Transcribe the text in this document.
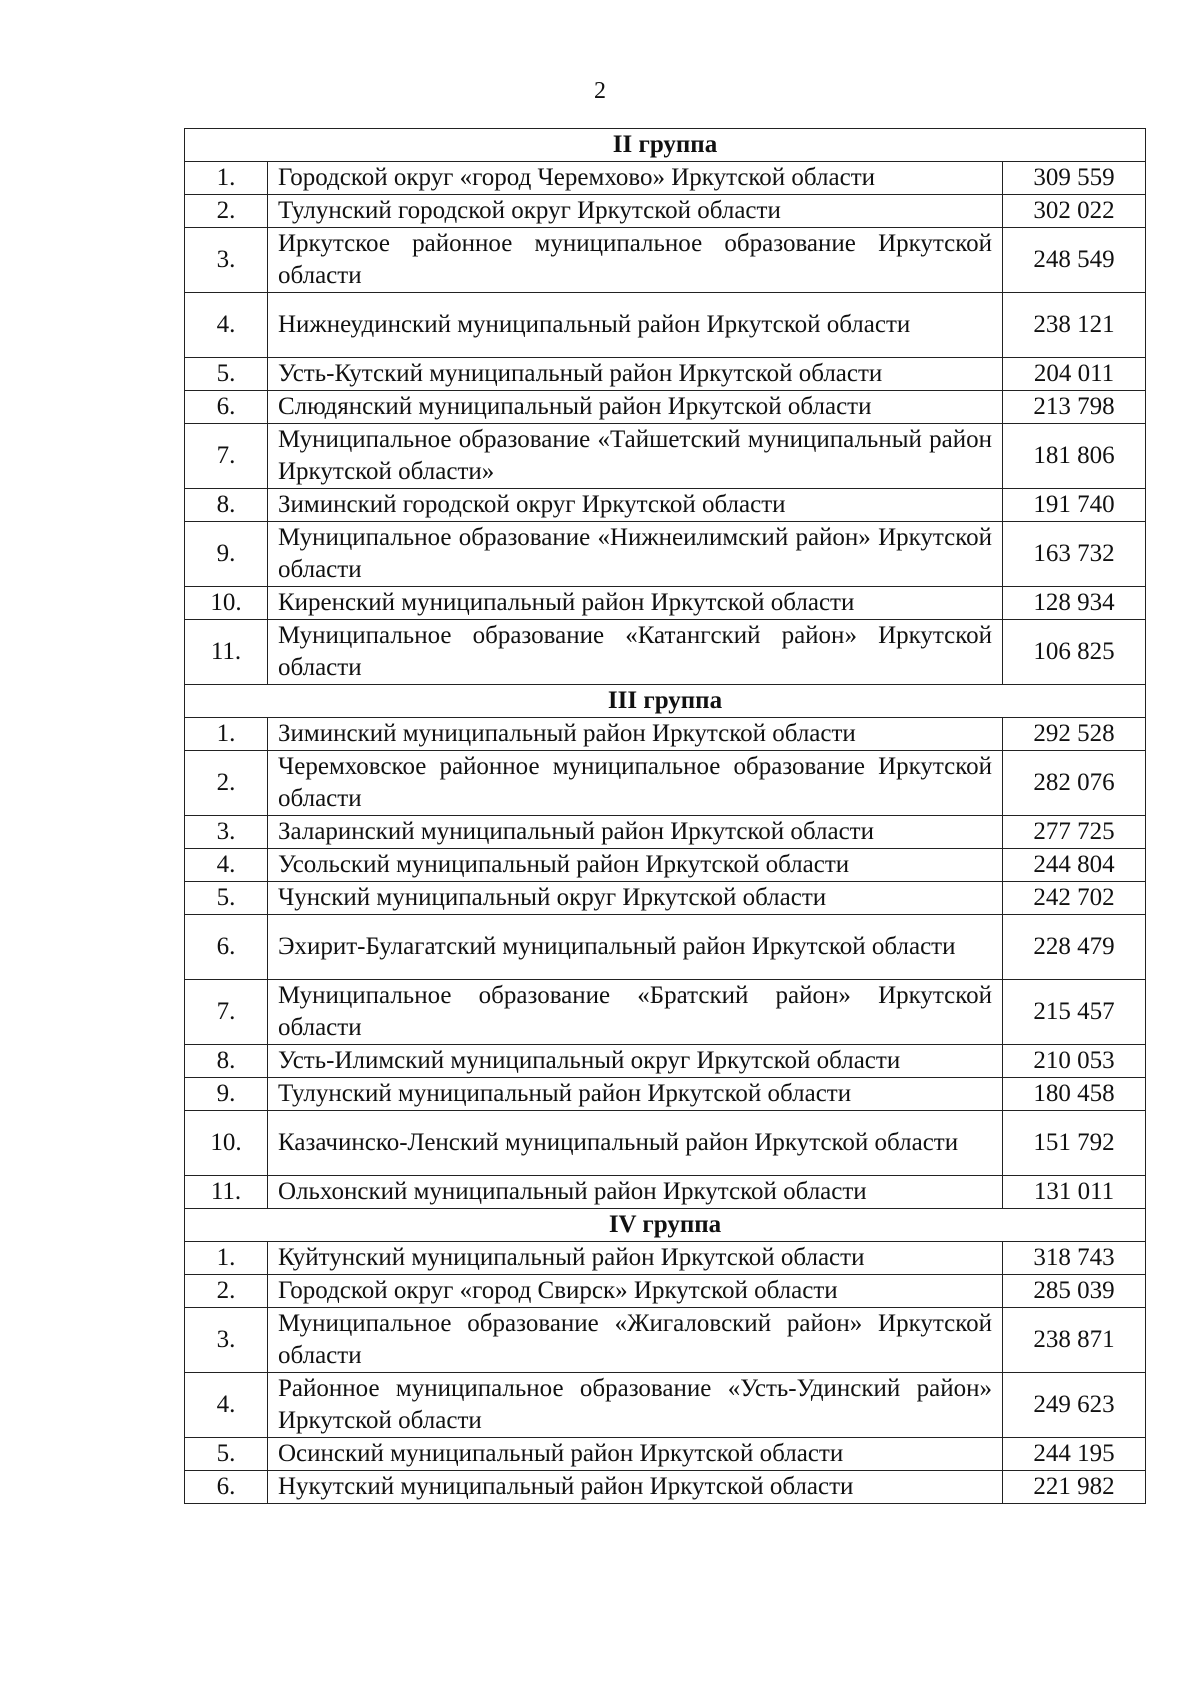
2
II группа		
1.	Городской округ «город Черемхово» Иркутской области	309 559
2.	Тулунский городской округ Иркутской области	302 022
3.	Иркутское районное муниципальное образование Иркутской области	248 549
4.	Нижнеудинский муниципальный район Иркутской области	238 121
5.	Усть-Кутский муниципальный район Иркутской области	204 011
6.	Слюдянский муниципальный район Иркутской области	213 798
7.	Муниципальное образование «Тайшетский муниципальный район Иркутской области»	181 806
8.	Зиминский городской округ Иркутской области	191 740
9.	Муниципальное образование «Нижнеилимский район» Иркутской области	163 732
10.	Киренский муниципальный район Иркутской области	128 934
11.	Муниципальное образование «Катангский район» Иркутской области	106 825
III группа		
1.	Зиминский муниципальный район Иркутской области	292 528
2.	Черемховское районное муниципальное образование Иркутской области	282 076
3.	Заларинский муниципальный район Иркутской области	277 725
4.	Усольский муниципальный район Иркутской области	244 804
5.	Чунский муниципальный округ Иркутской области	242 702
6.	Эхирит-Булагатский муниципальный район Иркутской области	228 479
7.	Муниципальное образование «Братский район» Иркутской области	215 457
8.	Усть-Илимский муниципальный округ Иркутской области	210 053
9.	Тулунский муниципальный район Иркутской области	180 458
10.	Казачинско-Ленский муниципальный район Иркутской области	151 792
11.	Ольхонский муниципальный район Иркутской области	131 011
IV группа		
1.	Куйтунский муниципальный район Иркутской области	318 743
2.	Городской округ «город Свирск» Иркутской области	285 039
3.	Муниципальное образование «Жигаловский район» Иркутской области	238 871
4.	Районное муниципальное образование «Усть-Удинский район» Иркутской области	249 623
5.	Осинский муниципальный район Иркутской области	244 195
6.	Нукутский муниципальный район Иркутской области	221 982
